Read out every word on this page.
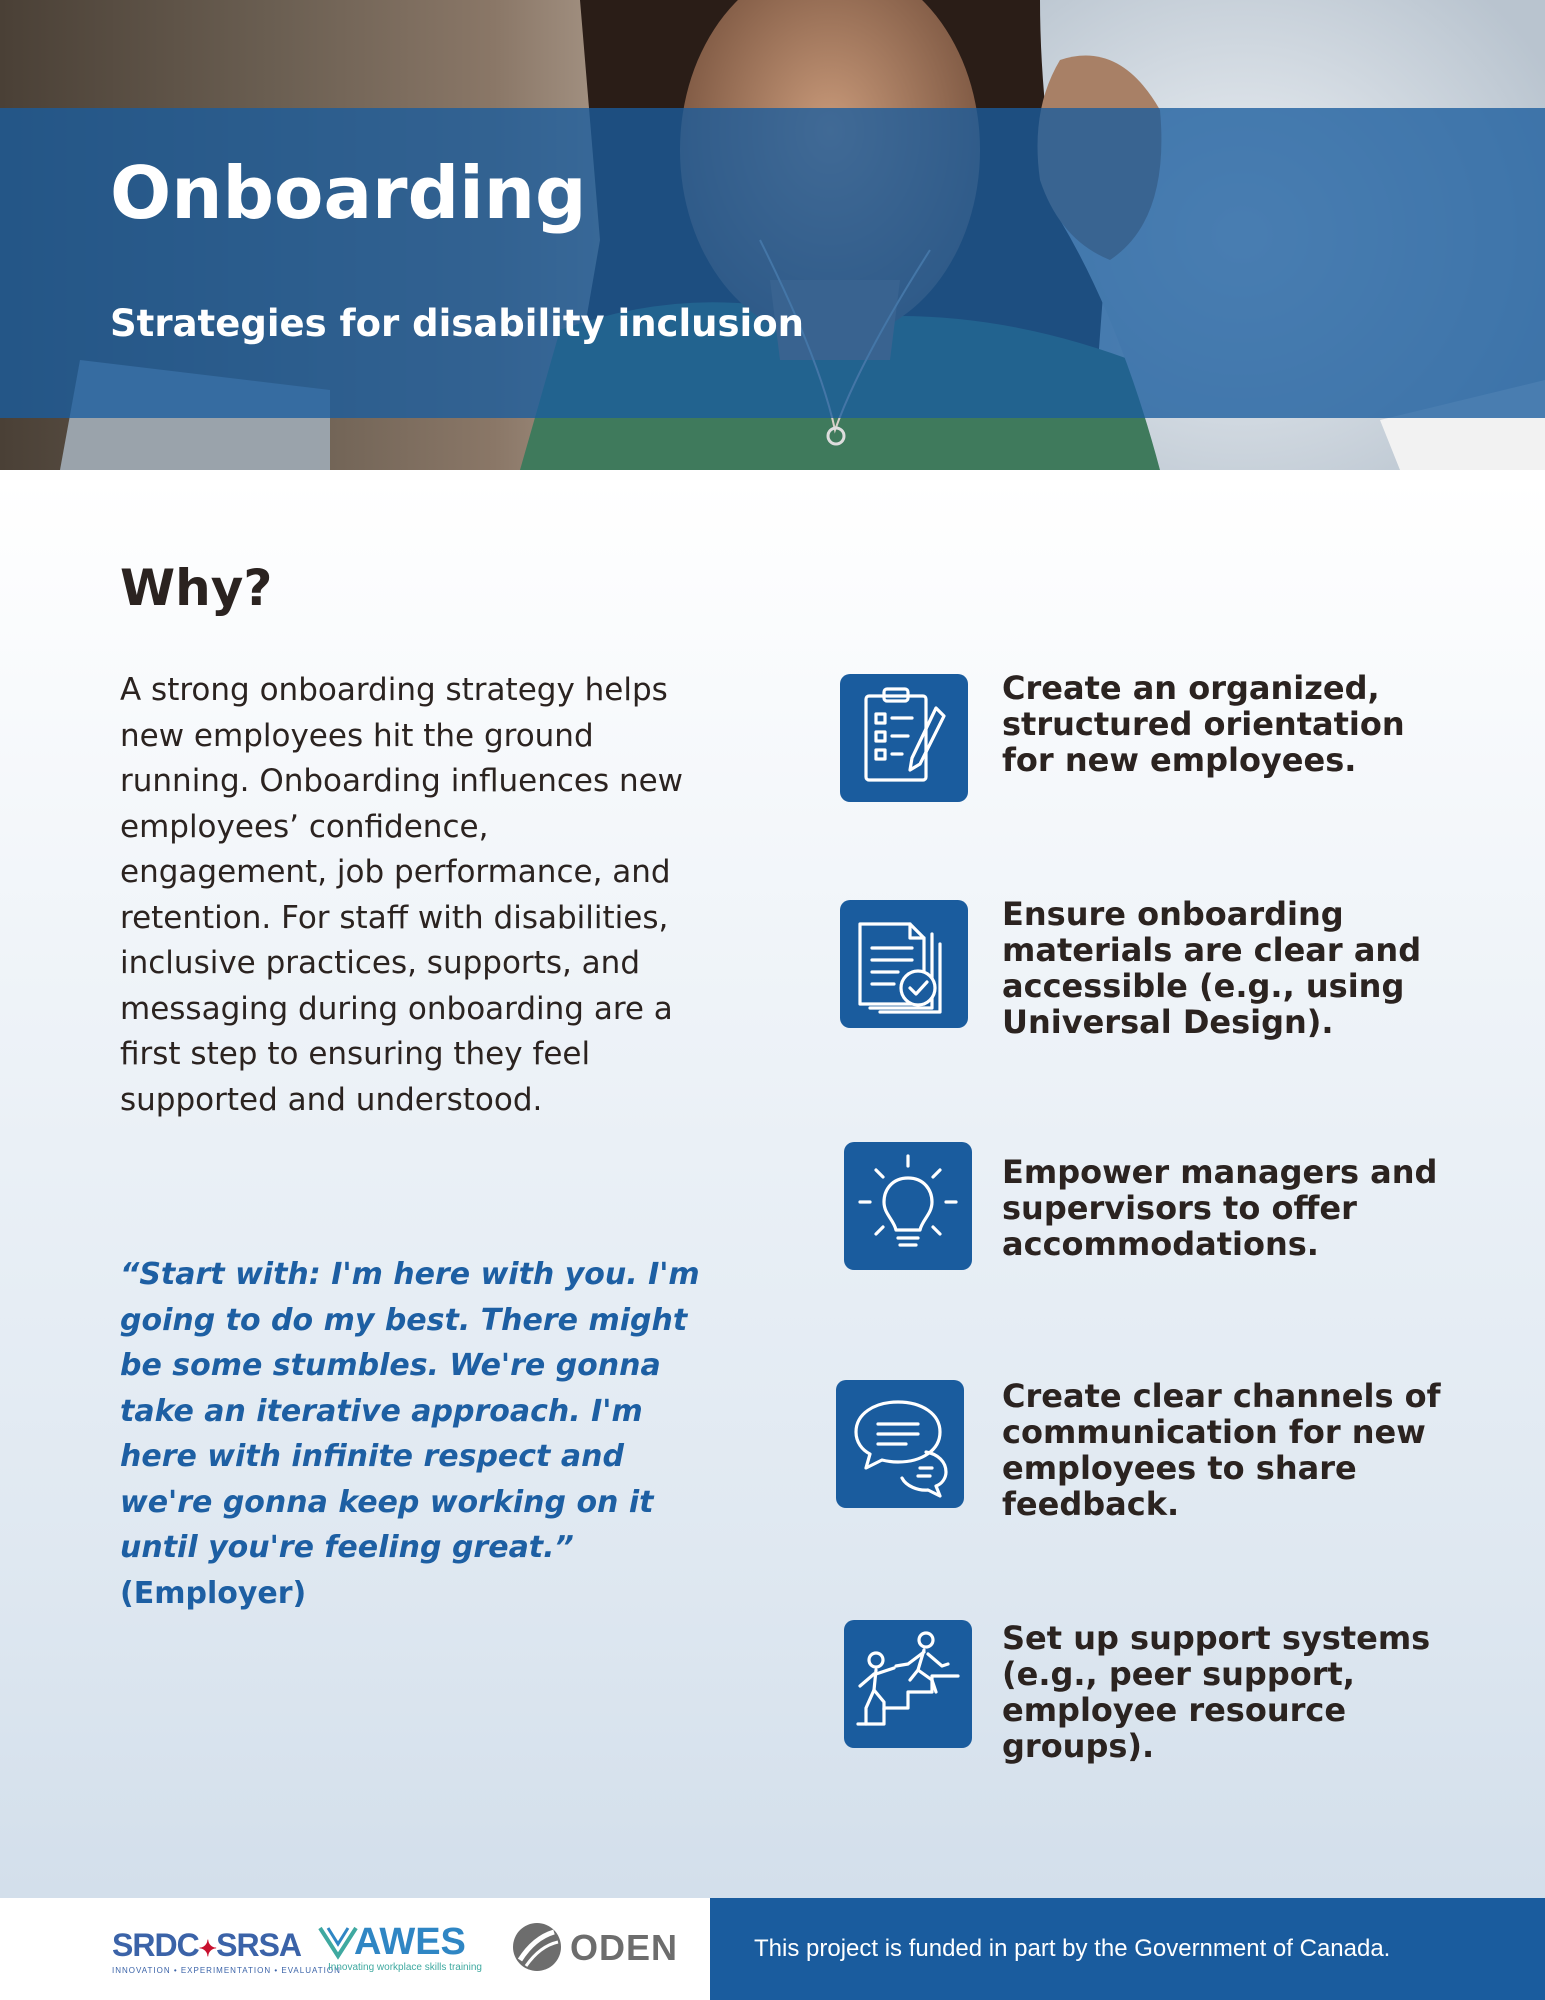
Onboarding
Strategies for disability inclusion
Why?

A strong onboarding strategy helps new employees hit the ground running. Onboarding influences new employees’ confidence, engagement, job performance, and retention. For staff with disabilities, inclusive practices, supports, and messaging during onboarding are a first step to ensuring they feel supported and understood.

“Start with: I'm here with you. I'm going to do my best. There might be some stumbles. We're gonna take an iterative approach. I'm here with infinite respect and we're gonna keep working on it until you're feeling great.” (Employer)

Create an organized, structured orientation for new employees.
Ensure onboarding materials are clear and accessible (e.g., using Universal Design).
Empower managers and supervisors to offer accommodations.
Create clear channels of communication for new employees to share feedback.
Set up support systems (e.g., peer support, employee resource groups).
This project is funded in part by the Government of Canada.
SRDC✦SRSA
INNOVATION • EXPERIMENTATION • EVALUATION
AWES
Innovating workplace skills training ODEN
